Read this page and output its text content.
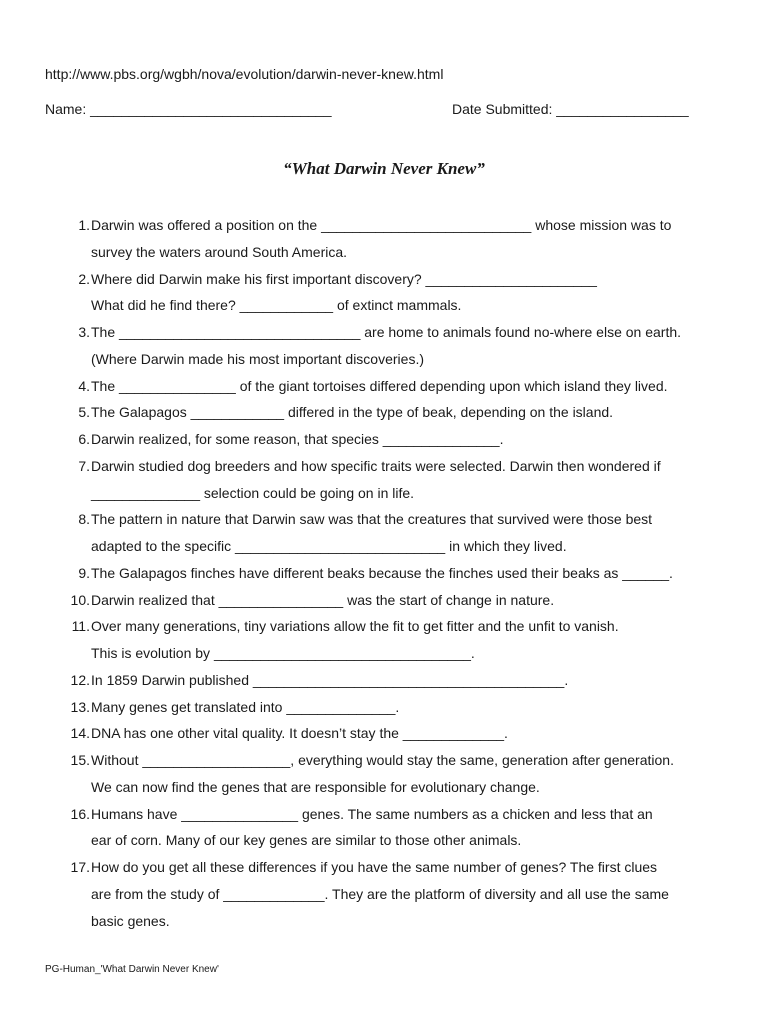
http://www.pbs.org/wgbh/nova/evolution/darwin-never-knew.html
Name: _______________________________	Date Submitted: _________________
“What Darwin Never Knew”
1. Darwin was offered a position on the ___________________________ whose mission was to
survey the waters around South America.
2. Where did Darwin make his first important discovery? ______________________
What did he find there? ____________ of extinct mammals.
3. The _______________________________ are home to animals found no-where else on earth.
(Where Darwin made his most important discoveries.)
4. The _______________ of the giant tortoises differed depending upon which island they lived.
5. The Galapagos ____________ differed in the type of beak, depending on the island.
6. Darwin realized, for some reason, that species _______________.
7. Darwin studied dog breeders and how specific traits were selected. Darwin then wondered if
______________ selection could be going on in life.
8. The pattern in nature that Darwin saw was that the creatures that survived were those best
adapted to the specific ___________________________ in which they lived.
9. The Galapagos finches have different beaks because the finches used their beaks as ______.
10. Darwin realized that ________________ was the start of change in nature.
11. Over many generations, tiny variations allow the fit to get fitter and the unfit to vanish.
This is evolution by _________________________________.
12. In 1859 Darwin published ________________________________________.
13. Many genes get translated into ______________.
14. DNA has one other vital quality. It doesn’t stay the _____________.
15. Without ___________________, everything would stay the same, generation after generation.
We can now find the genes that are responsible for evolutionary change.
16. Humans have _______________ genes. The same numbers as a chicken and less that an
ear of corn. Many of our key genes are similar to those other animals.
17. How do you get all these differences if you have the same number of genes? The first clues
are from the study of _____________. They are the platform of diversity and all use the same
basic genes.
PG-Human_'What Darwin Never Knew'
